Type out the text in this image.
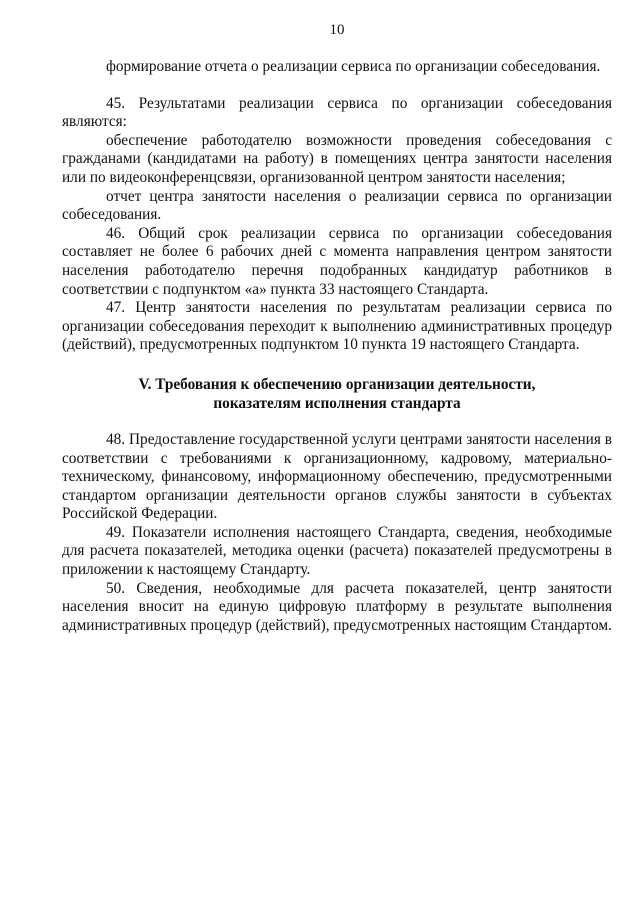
10

формирование отчета о реализации сервиса по организации собеседования.

45. Результатами реализации сервиса по организации собеседования являются:

обеспечение работодателю возможности проведения собеседования с гражданами (кандидатами на работу) в помещениях центра занятости населения или по видеоконференцсвязи, организованной центром занятости населения;

отчет центра занятости населения о реализации сервиса по организации собеседования.

46. Общий срок реализации сервиса по организации собеседования составляет не более 6 рабочих дней с момента направления центром занятости населения работодателю перечня подобранных кандидатур работников в соответствии с подпунктом «а» пункта 33 настоящего Стандарта.

47. Центр занятости населения по результатам реализации сервиса по организации собеседования переходит к выполнению административных процедур (действий), предусмотренных подпунктом 10 пункта 19 настоящего Стандарта.

V. Требования к обеспечению организации деятельности,
показателям исполнения стандарта

48. Предоставление государственной услуги центрами занятости населения в соответствии с требованиями к организационному, кадровому, материально-техническому, финансовому, информационному обеспечению, предусмотренными стандартом организации деятельности органов службы занятости в субъектах Российской Федерации.

49. Показатели исполнения настоящего Стандарта, сведения, необходимые для расчета показателей, методика оценки (расчета) показателей предусмотрены в приложении к настоящему Стандарту.

50. Сведения, необходимые для расчета показателей, центр занятости населения вносит на единую цифровую платформу в результате выполнения административных процедур (действий), предусмотренных настоящим Стандартом.
